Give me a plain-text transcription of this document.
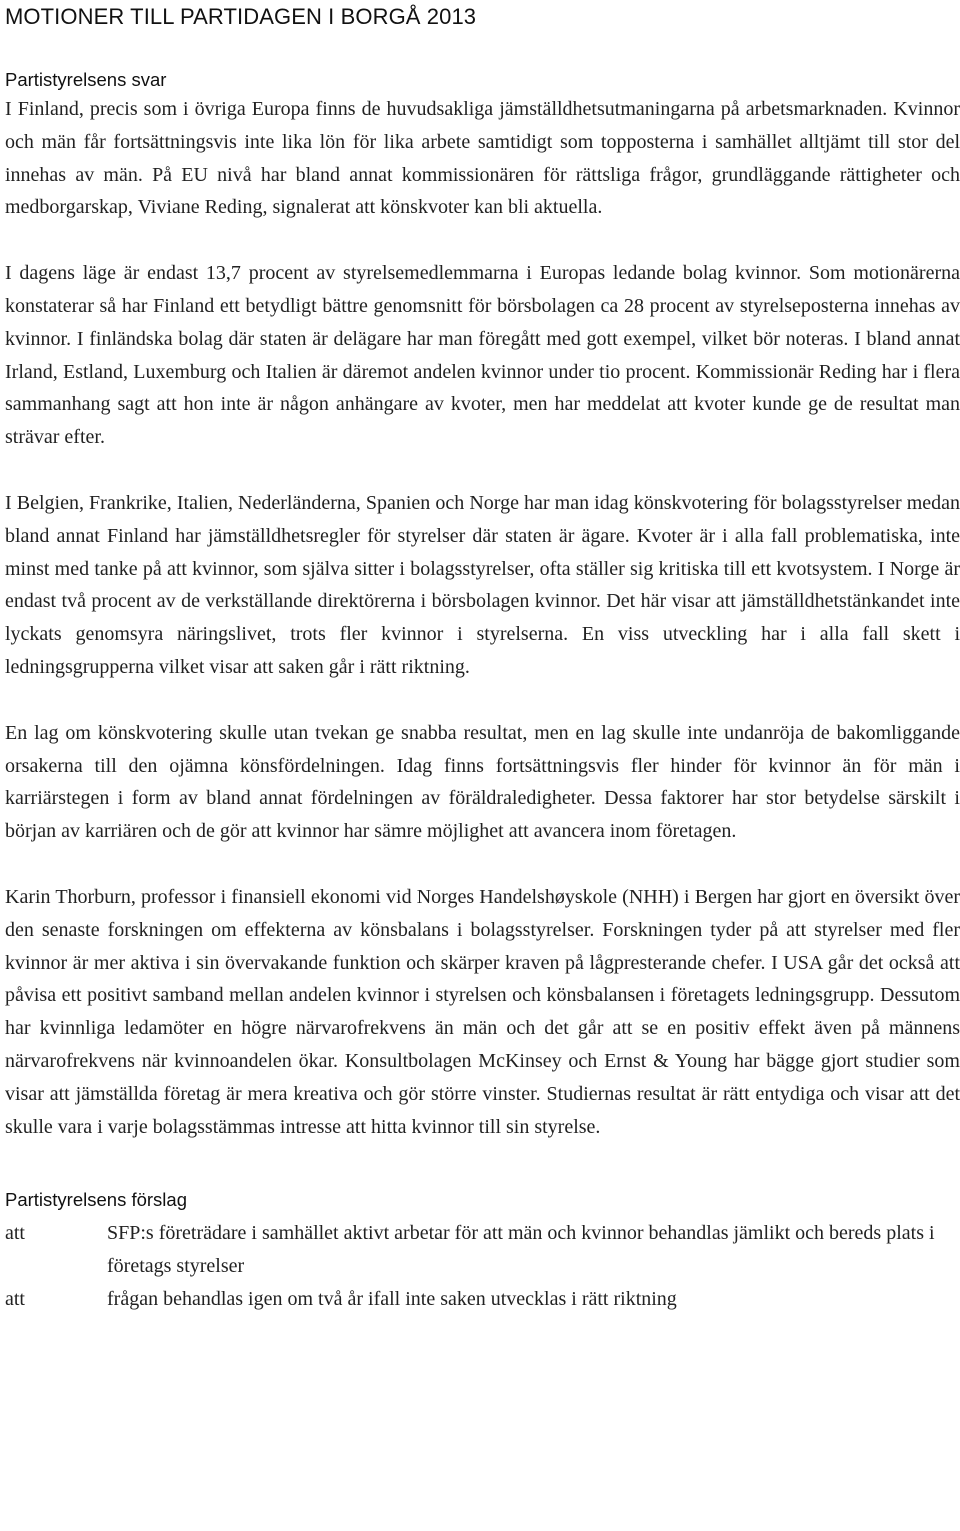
MOTIONER TILL PARTIDAGEN I BORGÅ 2013
Partistyrelsens svar

I Finland, precis som i övriga Europa finns de huvudsakliga jämställdhetsutmaningarna på arbetsmarknaden. Kvinnor och män får fortsättningsvis inte lika lön för lika arbete samtidigt som topposterna i samhället alltjämt till stor del innehas av män. På EU nivå har bland annat kommissionären för rättsliga frågor, grundläggande rättigheter och medborgarskap, Viviane Reding, signalerat att könskvoter kan bli aktuella.

I dagens läge är endast 13,7 procent av styrelsemedlemmarna i Europas ledande bolag kvinnor. Som motionärerna konstaterar så har Finland ett betydligt bättre genomsnitt för börsbolagen ca 28 procent av styrelseposterna innehas av kvinnor. I finländska bolag där staten är delägare har man föregått med gott exempel, vilket bör noteras. I bland annat Irland, Estland, Luxemburg och Italien är däremot andelen kvinnor under tio procent. Kommissionär Reding har i flera sammanhang sagt att hon inte är någon anhängare av kvoter, men har meddelat att kvoter kunde ge de resultat man strävar efter.

I Belgien, Frankrike, Italien, Nederländerna, Spanien och Norge har man idag könskvotering för bolagsstyrelser medan bland annat Finland har jämställdhetsregler för styrelser där staten är ägare. Kvoter är i alla fall problematiska, inte minst med tanke på att kvinnor, som själva sitter i bolagsstyrelser, ofta ställer sig kritiska till ett kvotsystem. I Norge är endast två procent av de verkställande direktörerna i börsbolagen kvinnor. Det här visar att jämställdhetstänkandet inte lyckats genomsyra näringslivet, trots fler kvinnor i styrelserna. En viss utveckling har i alla fall skett i ledningsgrupperna vilket visar att saken går i rätt riktning.

En lag om könskvotering skulle utan tvekan ge snabba resultat, men en lag skulle inte undanröja de bakomliggande orsakerna till den ojämna könsfördelningen. Idag finns fortsättningsvis fler hinder för kvinnor än för män i karriärstegen i form av bland annat fördelningen av föräldraledigheter. Dessa faktorer har stor betydelse särskilt i början av karriären och de gör att kvinnor har sämre möjlighet att avancera inom företagen.

Karin Thorburn, professor i finansiell ekonomi vid Norges Handelshøyskole (NHH) i Bergen har gjort en översikt över den senaste forskningen om effekterna av könsbalans i bolagsstyrelser. Forskningen tyder på att styrelser med fler kvinnor är mer aktiva i sin övervakande funktion och skärper kraven på lågpresterande chefer. I USA går det också att påvisa ett positivt samband mellan andelen kvinnor i styrelsen och könsbalansen i företagets ledningsgrupp. Dessutom har kvinnliga ledamöter en högre närvarofrekvens än män och det går att se en positiv effekt även på männens närvarofrekvens när kvinnoandelen ökar. Konsultbolagen McKinsey och Ernst & Young har bägge gjort studier som visar att jämställda företag är mera kreativa och gör större vinster. Studiernas resultat är rätt entydiga och visar att det skulle vara i varje bolagsstämmas intresse att hitta kvinnor till sin styrelse.

Partistyrelsens förslag
att	SFP:s företrädare i samhället aktivt arbetar för att män och kvinnor behandlas jämlikt och bereds plats i företags styrelser
att	frågan behandlas igen om två år ifall inte saken utvecklas i rätt riktning
